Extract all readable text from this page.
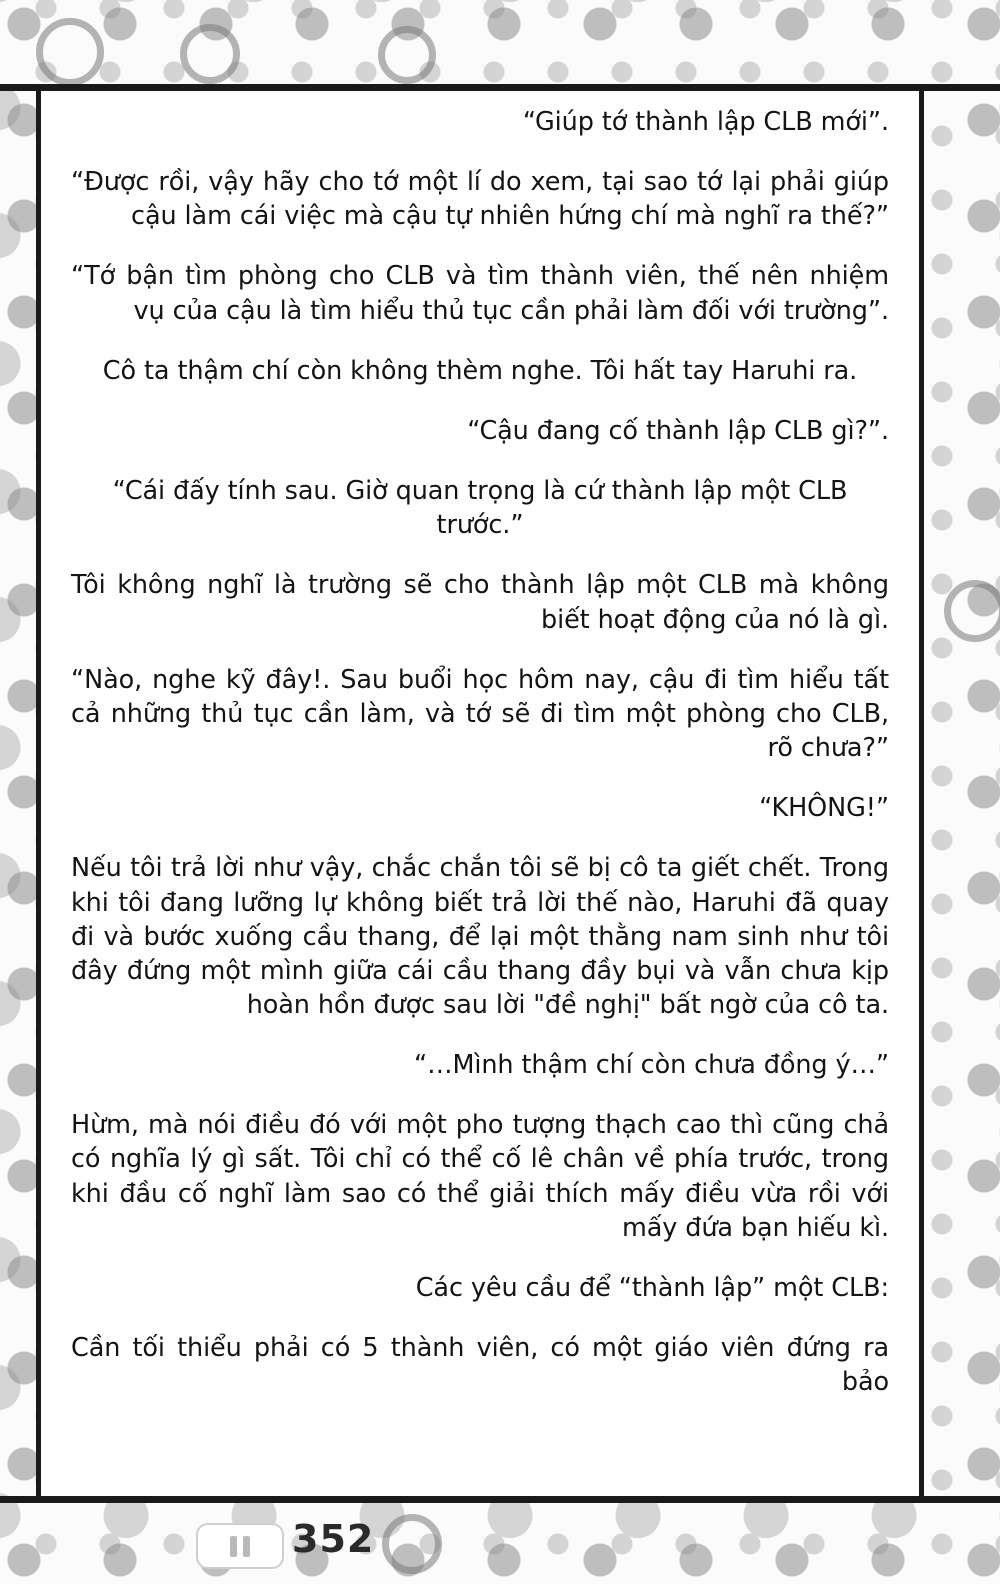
“Giúp tớ thành lập CLB mới”.

“Được rồi, vậy hãy cho tớ một lí do xem, tại sao tớ lại phải giúp cậu làm cái việc mà cậu tự nhiên hứng chí mà nghĩ ra thế?”

“Tớ bận tìm phòng cho CLB và tìm thành viên, thế nên nhiệm vụ của cậu là tìm hiểu thủ tục cần phải làm đối với trường”.

Cô ta thậm chí còn không thèm nghe. Tôi hất tay Haruhi ra.

“Cậu đang cố thành lập CLB gì?”.

“Cái đấy tính sau. Giờ quan trọng là cứ thành lập một CLB trước.”

Tôi không nghĩ là trường sẽ cho thành lập một CLB mà không biết hoạt động của nó là gì.

“Nào, nghe kỹ đây!. Sau buổi học hôm nay, cậu đi tìm hiểu tất cả những thủ tục cần làm, và tớ sẽ đi tìm một phòng cho CLB, rõ chưa?”

“KHÔNG!”

Nếu tôi trả lời như vậy, chắc chắn tôi sẽ bị cô ta giết chết. Trong khi tôi đang lưỡng lự không biết trả lời thế nào, Haruhi đã quay đi và bước xuống cầu thang, để lại một thằng nam sinh như tôi đây đứng một mình giữa cái cầu thang đầy bụi và vẫn chưa kịp hoàn hồn được sau lời "đề nghị" bất ngờ của cô ta.

“…Mình thậm chí còn chưa đồng ý…”

Hừm, mà nói điều đó với một pho tượng thạch cao thì cũng chả có nghĩa lý gì sất. Tôi chỉ có thể cố lê chân về phía trước, trong khi đầu cố nghĩ làm sao có thể giải thích mấy điều vừa rồi với mấy đứa bạn hiếu kì.

Các yêu cầu để “thành lập” một CLB:

Cần tối thiểu phải có 5 thành viên, có một giáo viên đứng ra bảo

352
